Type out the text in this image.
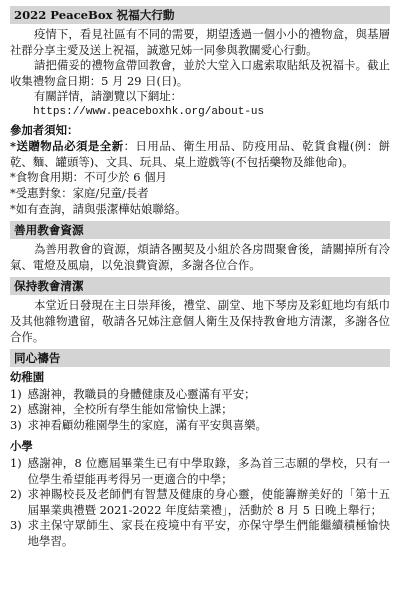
2022 PeaceBox 祝福大行動

疫情下，看見社區有不同的需要，期望透過一個小小的禮物盒，與基層社群分享主愛及送上祝福，誠邀兄姊一同參與教關愛心行動。

請把備妥的禮物盒帶回教會，並於大堂入口處索取貼紙及祝福卡。截止收集禮物盒日期：5 月 29 日(日)。

有關詳情，請瀏覽以下網址：

https://www.peaceboxhk.org/about-us

參加者須知：

*送贈物品必須是全新：日用品、衛生用品、防疫用品、乾貨食糧(例：餅乾、麵、罐頭等)、文具、玩具、桌上遊戲等(不包括藥物及維他命)。

*食物食用期：不可少於 6 個月

*受惠對象：家庭/兒童/長者

*如有查詢，請與張潔樺姑娘聯絡。

善用教會資源

為善用教會的資源，煩請各團契及小組於各房間聚會後，請關掉所有冷氣、電燈及風扇，以免浪費資源，多謝各位合作。

保持教會清潔

本堂近日發現在主日崇拜後，禮堂、副堂、地下琴房及彩虹地均有紙巾及其他雜物遺留，敬請各兄姊注意個人衛生及保持教會地方清潔，多謝各位合作。

同心禱告
幼稚園
1) 感謝神，教職員的身體健康及心靈滿有平安；
2) 感謝神，全校所有學生能如常愉快上課；
3) 求神看顧幼稚園學生的家庭，滿有平安與喜樂。
小學
1) 感謝神，8 位應屆畢業生已有中學取錄，多為首三志願的學校，只有一位學生希望能再考得另一更適合的中學；
2) 求神賜校長及老師們有智慧及健康的身心靈，使能籌辦美好的「第十五屆畢業典禮暨 2021-2022 年度結業禮」，活動於 8 月 5 日晚上舉行；
3) 求主保守眾師生、家長在疫境中有平安，亦保守學生們能繼續積極愉快地學習。
